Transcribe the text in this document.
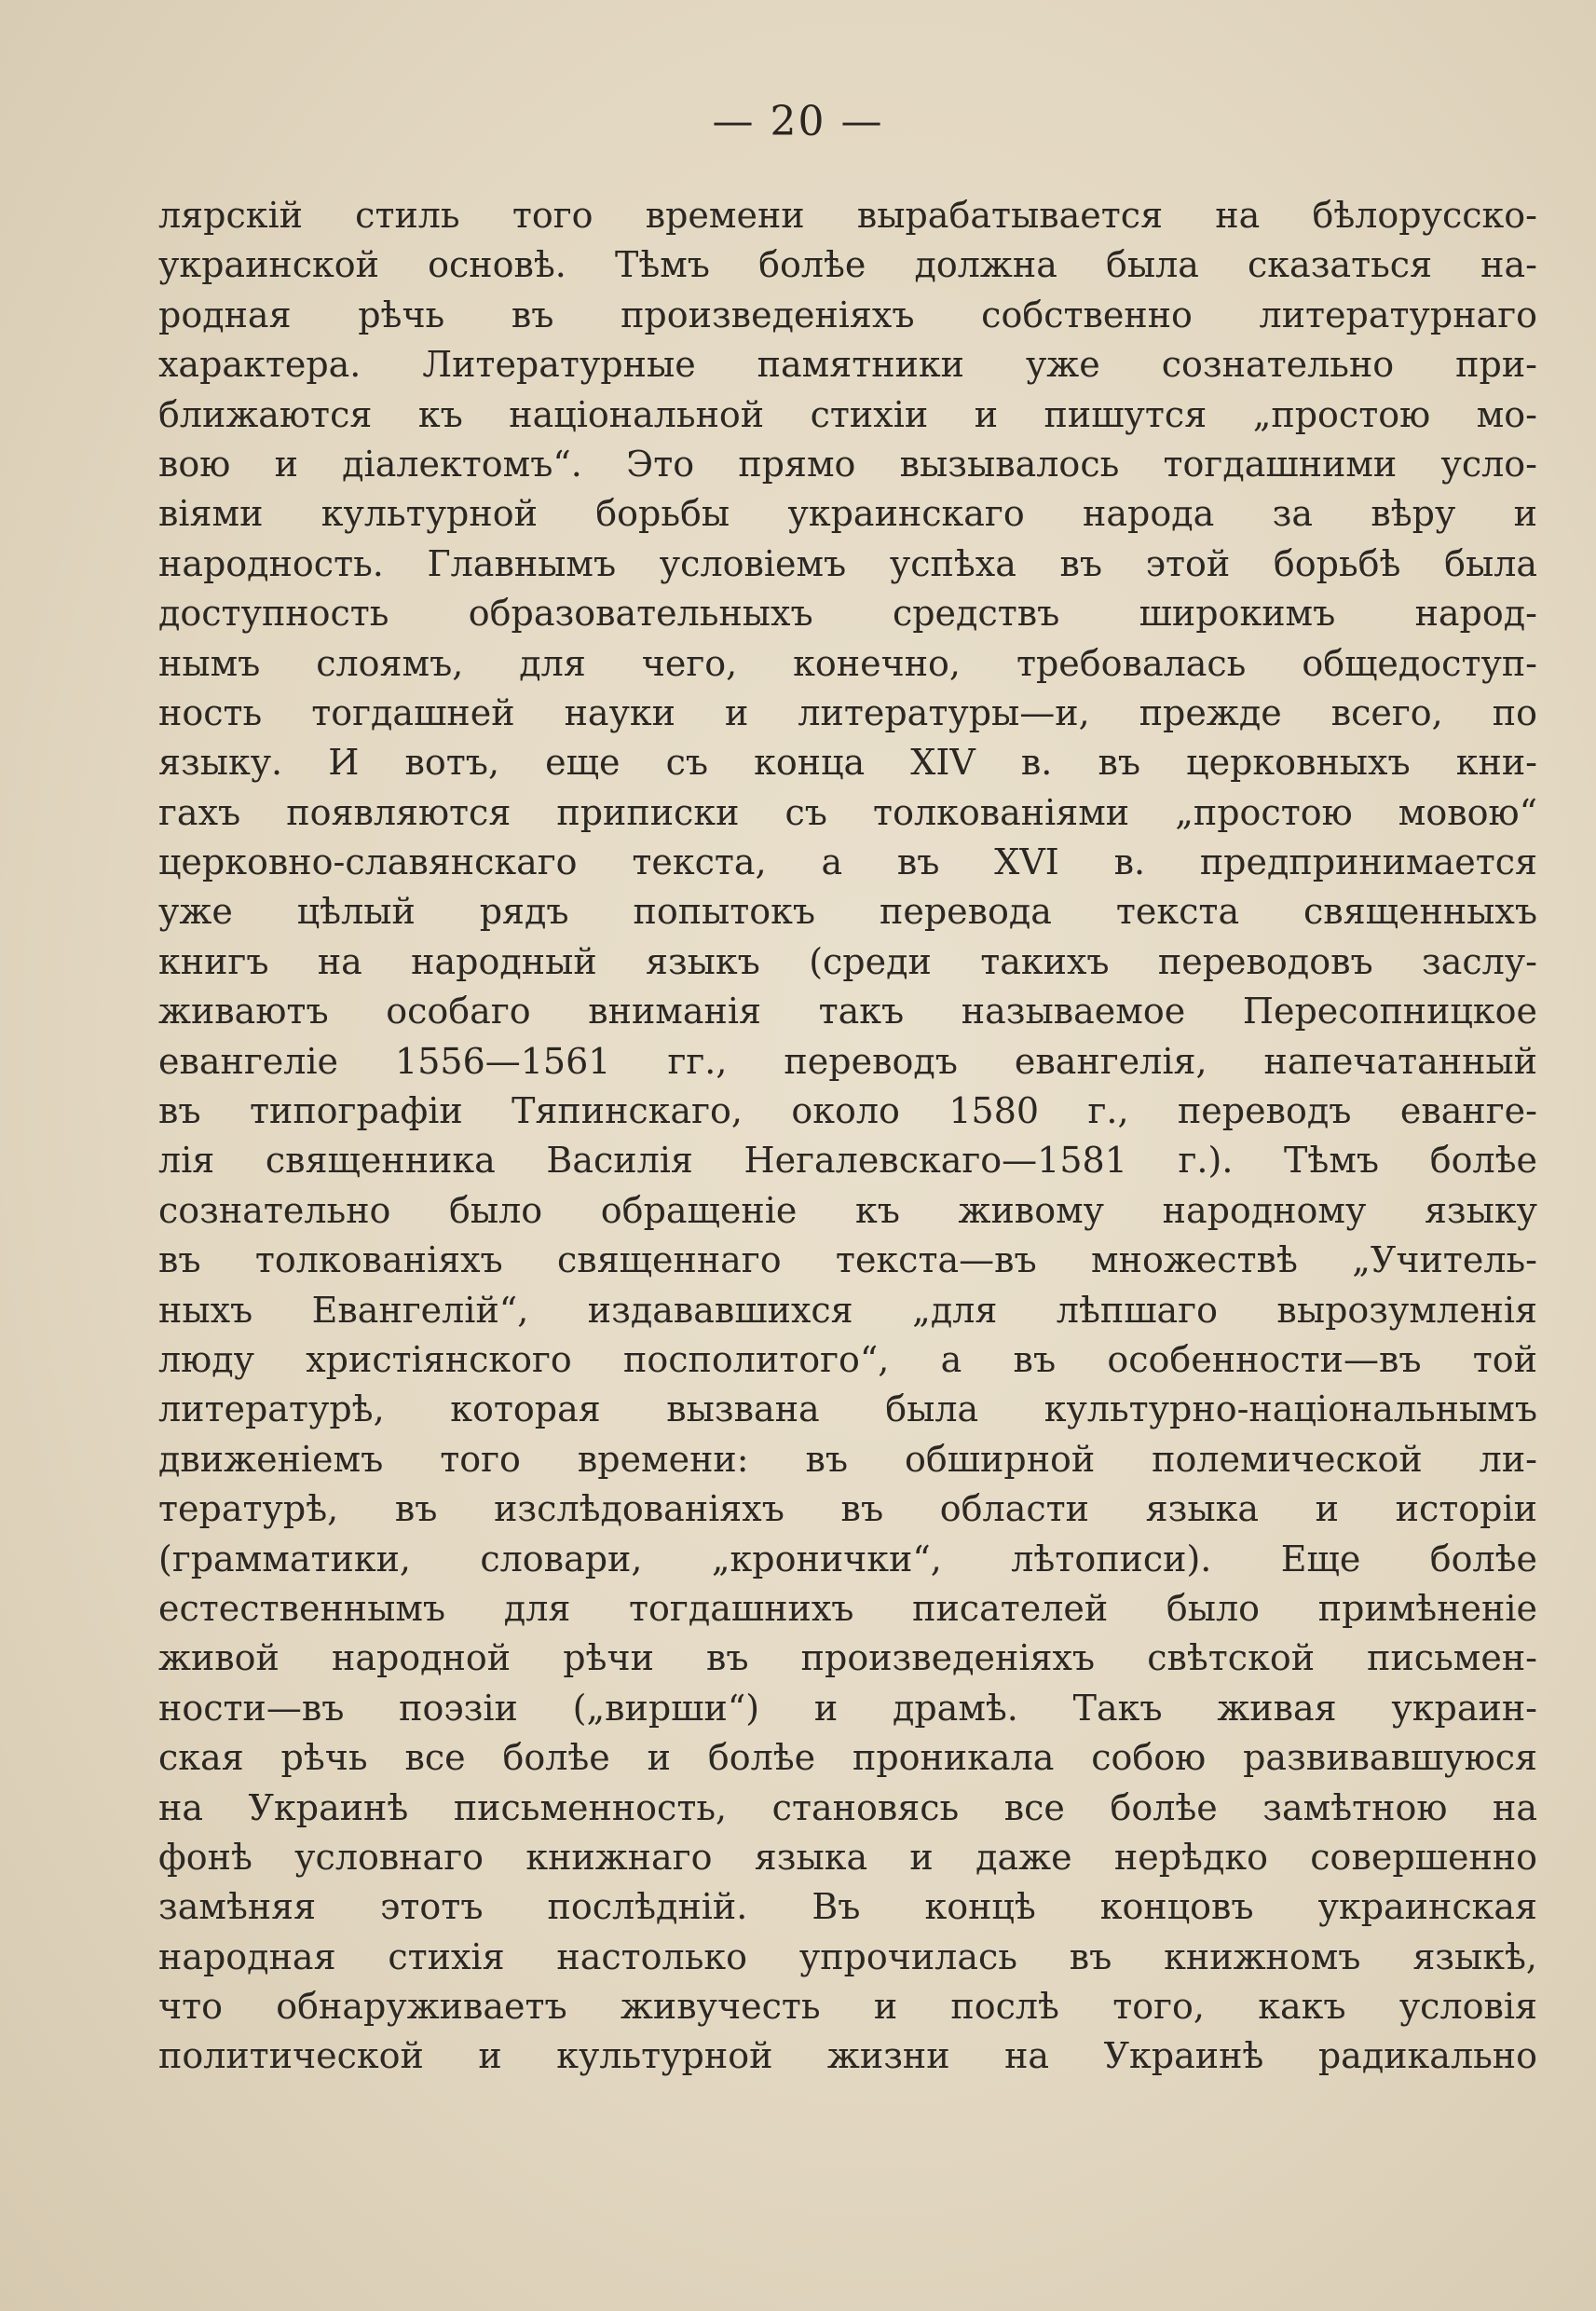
— 20 —
лярскій стиль того времени вырабатывается на бѣлорусско-
украинской основѣ. Тѣмъ болѣе должна была сказаться на-
родная рѣчь въ произведеніяхъ собственно литературнаго
характера. Литературные памятники уже сознательно при-
ближаются къ національной стихіи и пишутся „простою мо-
вою и діалектомъ“. Это прямо вызывалось тогдашними усло-
віями культурной борьбы украинскаго народа за вѣру и
народность. Главнымъ условіемъ успѣха въ этой борьбѣ была
доступность образовательныхъ средствъ широкимъ народ-
нымъ слоямъ, для чего, конечно, требовалась общедоступ-
ность тогдашней науки и литературы—и, прежде всего, по
языку. И вотъ, еще съ конца XIV в. въ церковныхъ кни-
гахъ появляются приписки съ толкованіями „простою мовою“
церковно-славянскаго текста, а въ XVI в. предпринимается
уже цѣлый рядъ попытокъ перевода текста священныхъ
книгъ на народный языкъ (среди такихъ переводовъ заслу-
живаютъ особаго вниманія такъ называемое Пересопницкое
евангеліе 1556—1561 гг., переводъ евангелія, напечатанный
въ типографіи Тяпинскаго, около 1580 г., переводъ еванге-
лія священника Василія Негалевскаго—1581 г.). Тѣмъ болѣе
сознательно было обращеніе къ живому народному языку
въ толкованіяхъ священнаго текста—въ множествѣ „Учитель-
ныхъ Евангелій“, издававшихся „для лѣпшаго вырозумленія
люду христіянского посполитого“, а въ особенности—въ той
литературѣ, которая вызвана была культурно-національнымъ
движеніемъ того времени: въ обширной полемической ли-
тературѣ, въ изслѣдованіяхъ въ области языка и исторіи
(грамматики, словари, „кронички“, лѣтописи). Еще болѣе
естественнымъ для тогдашнихъ писателей было примѣненіе
живой народной рѣчи въ произведеніяхъ свѣтской письмен-
ности—въ поэзіи („вирши“) и драмѣ. Такъ живая украин-
ская рѣчь все болѣе и болѣе проникала собою развивавшуюся
на Украинѣ письменность, становясь все болѣе замѣтною на
фонѣ условнаго книжнаго языка и даже нерѣдко совершенно
замѣняя этотъ послѣдній. Въ концѣ концовъ украинская
народная стихія настолько упрочилась въ книжномъ языкѣ,
что обнаруживаетъ живучесть и послѣ того, какъ условія
политической и культурной жизни на Украинѣ радикально
